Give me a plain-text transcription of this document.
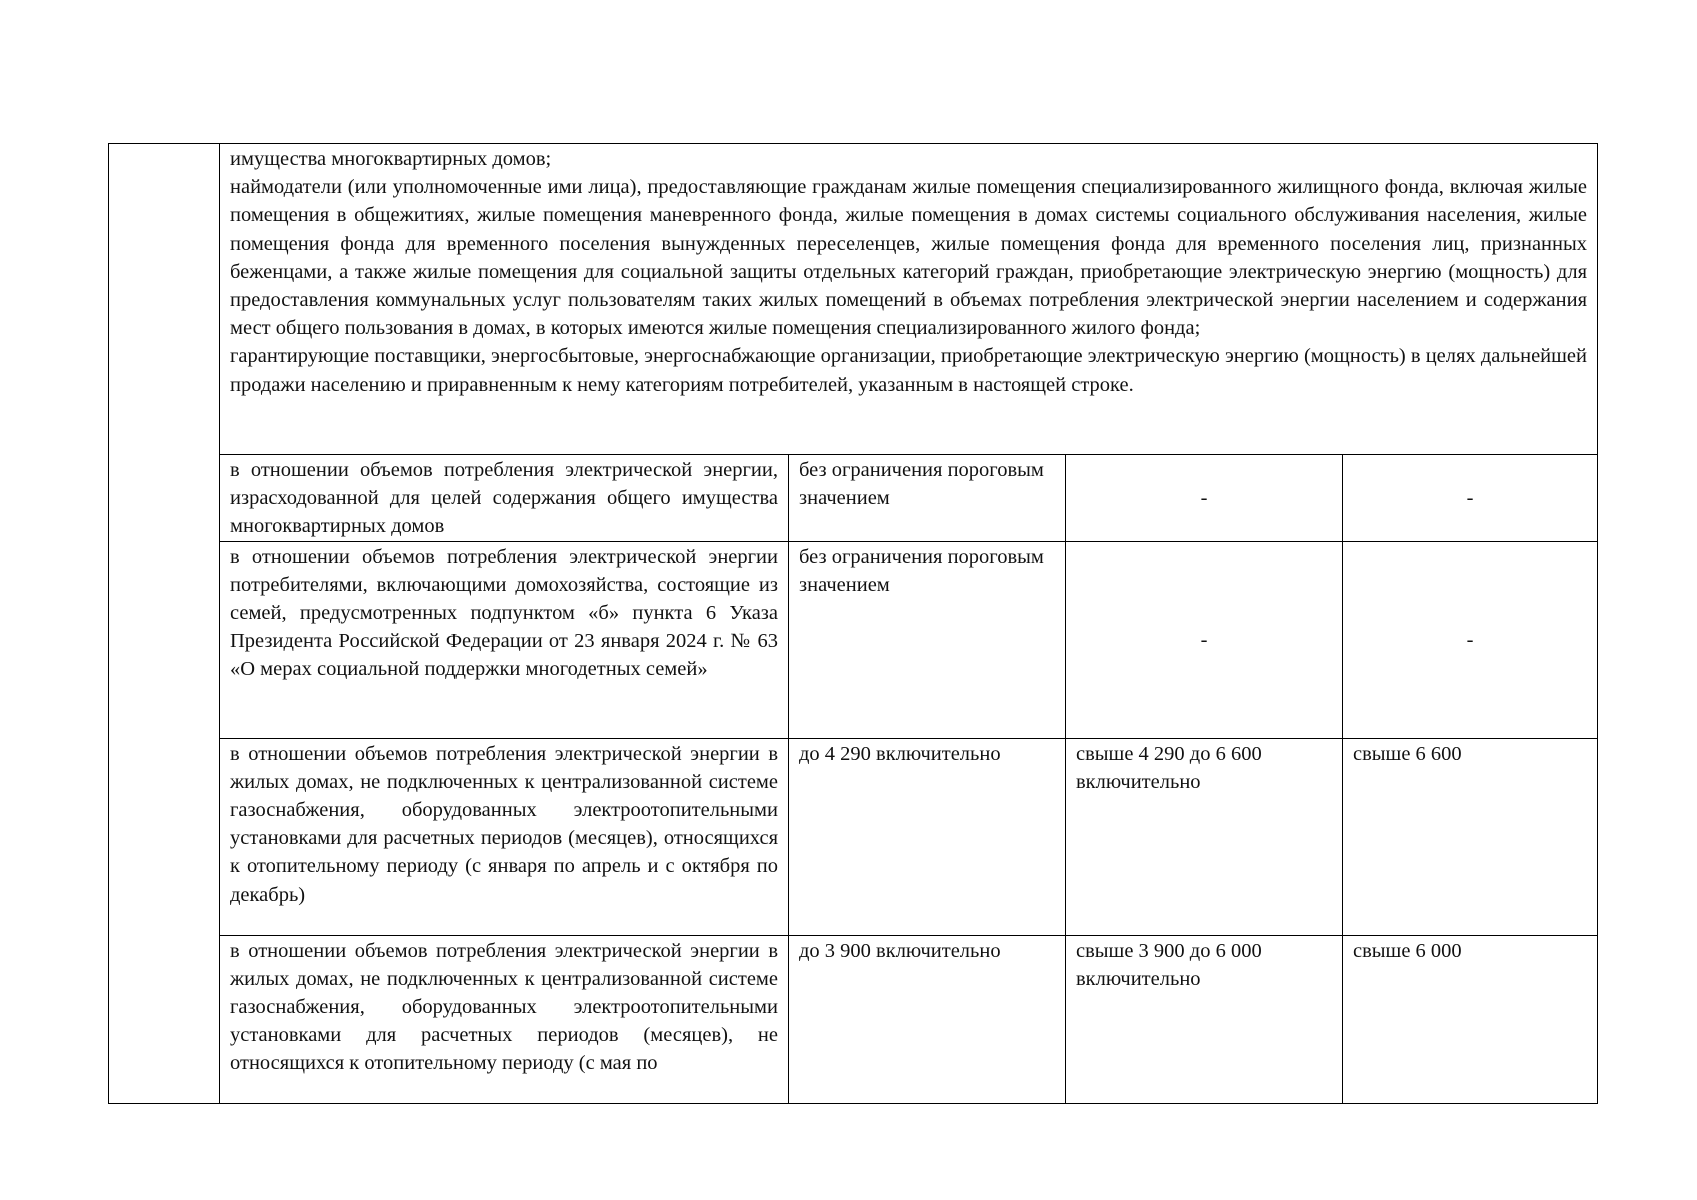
	имущества многоквартирных домов;

наймодатели (или уполномоченные ими лица), предоставляющие гражданам жилые помещения специализированного жилищного фонда, включая жилые помещения в общежитиях, жилые помещения маневренного фонда, жилые помещения в домах системы социального обслуживания населения, жилые помещения фонда для временного поселения вынужденных переселенцев, жилые помещения фонда для временного поселения лиц, признанных беженцами, а также жилые помещения для социальной защиты отдельных категорий граждан, приобретающие электрическую энергию (мощность) для предоставления коммунальных услуг пользователям таких жилых помещений в объемах потребления электрической энергии населением и содержания мест общего пользования в домах, в которых имеются жилые помещения специализированного жилого фонда;

гарантирующие поставщики, энергосбытовые, энергоснабжающие организации, приобретающие электрическую энергию (мощность) в целях дальнейшей продажи населению и приравненным к нему категориям потребителей, указанным в настоящей строке.			

	в отношении объемов потребления электрической энергии, израсходованной для целей содержания общего имущества многоквартирных домов	без ограничения пороговым значением	-	-
	в отношении объемов потребления электрической энергии потребителями, включающими домохозяйства, состоящие из семей, предусмотренных подпунктом «б» пункта 6 Указа Президента Российской Федерации от 23 января 2024 г. № 63 «О мерах социальной поддержки многодетных семей»	без ограничения пороговым значением	-	-
	в отношении объемов потребления электрической энергии в жилых домах, не подключенных к централизованной системе газоснабжения, оборудованных электроотопительными установками для расчетных периодов (месяцев), относящихся к отопительному периоду (с января по апрель и с октября по декабрь)	до 4 290 включительно	свыше 4 290 до 6 600 включительно	свыше 6 600
	в отношении объемов потребления электрической энергии в жилых домах, не подключенных к централизованной системе газоснабжения, оборудованных электроотопительными установками для расчетных периодов (месяцев), не относящихся к отопительному периоду (с мая по	до 3 900 включительно	свыше 3 900 до 6 000 включительно	свыше 6 000
